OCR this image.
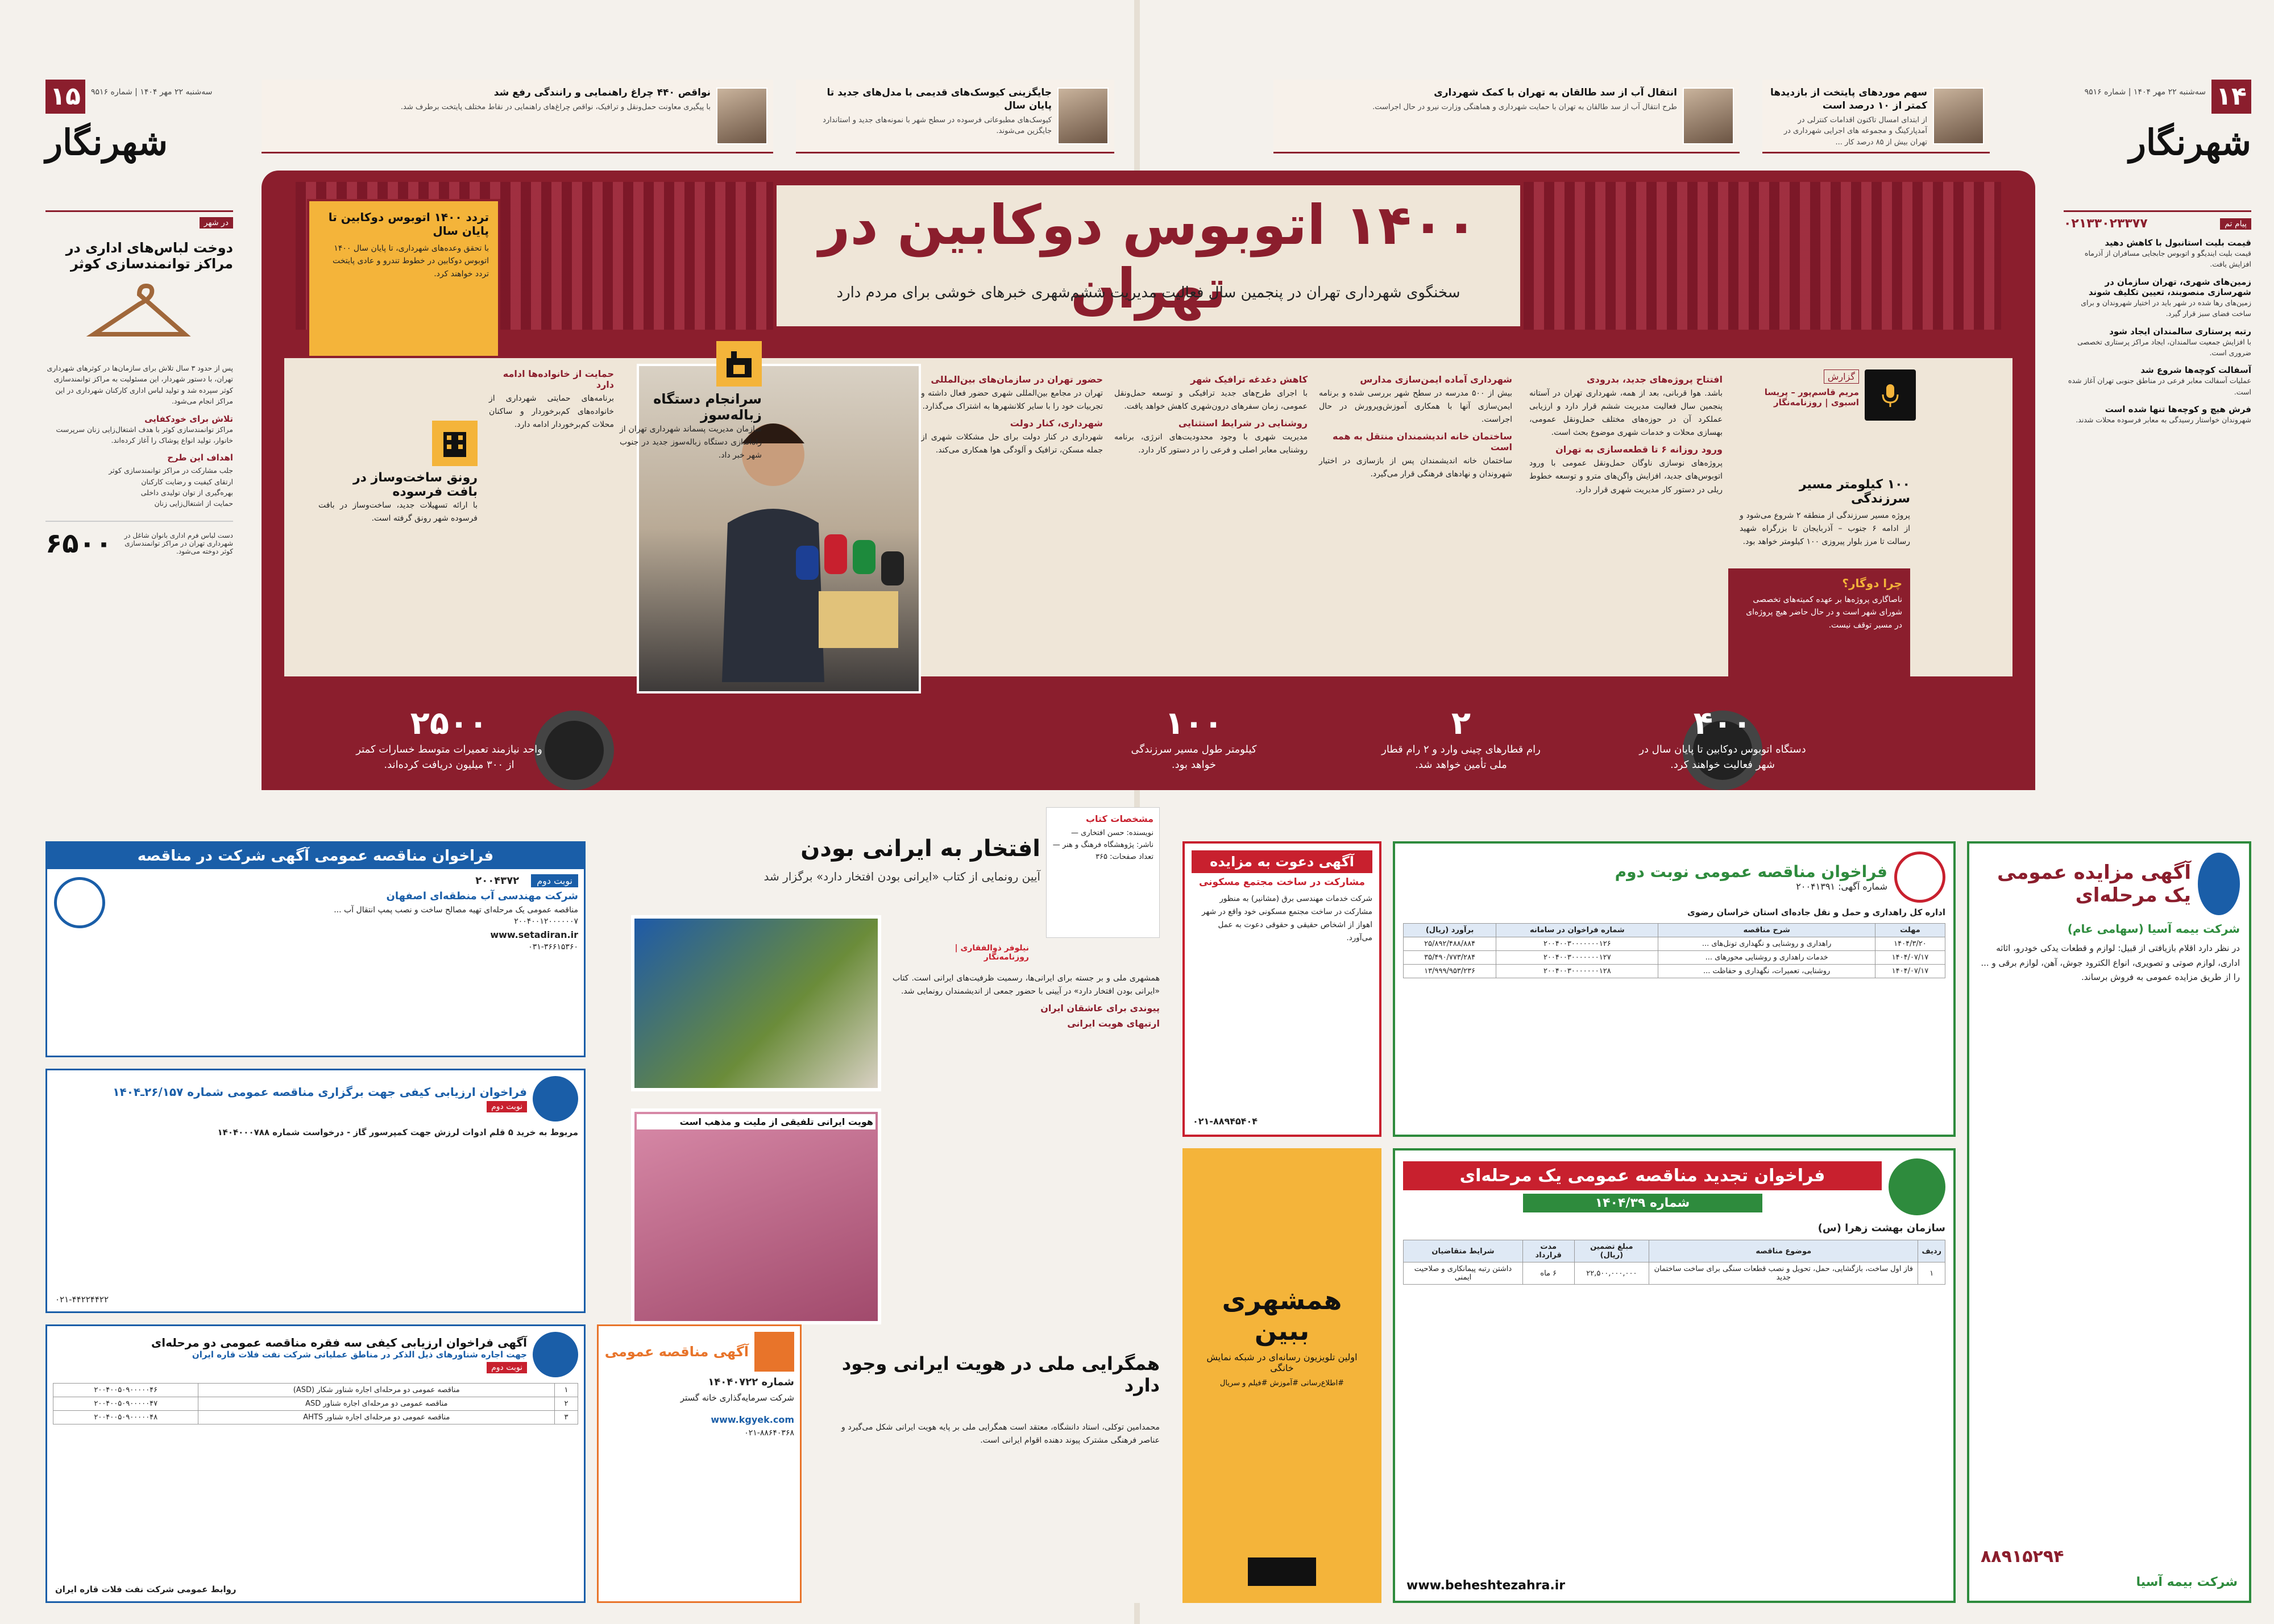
۱۴
سه‌شنبه ۲۲ مهر ۱۴۰۴ | شماره ۹۵۱۶
شهرنگار
۱۵	سه‌شنبه ۲۲ مهر ۱۴۰۴ | شماره ۹۵۱۶
شهرنگار
سهم موردهای پایتخت از بازدیدها کمتر از ۱۰ درصد است
از ابتدای امسال تاکنون اقدامات کنترلی در آمدپارکینگ و مجموعه های اجرایی شهرداری در تهران بیش از ۸۵ درصد کار ...
انتقال آب از سد طالقان به تهران با کمک شهرداری
طرح انتقال آب از سد طالقان به تهران با حمایت شهرداری و هماهنگی وزارت نیرو در حال اجراست.
جایگزینی کیوسک‌های قدیمی با مدل‌های جدید تا پایان سال
کیوسک‌های مطبوعاتی فرسوده در سطح شهر با نمونه‌های جدید و استاندارد جایگزین می‌شوند.
نواقص ۴۴۰ چراغ راهنمایی و رانندگی رفع شد
با پیگیری معاونت حمل‌ونقل و ترافیک، نواقص چراغ‌های راهنمایی در نقاط مختلف پایتخت برطرف شد.
پیام‌ تم
۰۲۱۳۳۰۲۳۳۷۷
قیمت بلیت استانبول با کاهش دهید
قیمت بلیت ایندیگو و اتوبوس جابجایی مسافران از آذرماه افزایش یافت.
زمین‌های شهری، تهران سازمان در شهرسازی منصوبند، تعیین تکلیف شوند
زمین‌های رها شده در شهر باید در اختیار شهروندان و برای ساخت فضای سبز قرار گیرد.
رتبه پرستاری سالمندان ایجاد شود
با افزایش جمعیت سالمندان، ایجاد مراکز پرستاری تخصصی ضروری است.
آسفالت کوچه‌ها شروع شد
عملیات آسفالت معابر فرعی در مناطق جنوبی تهران آغاز شده است.
فرش هیچ و کوچه‌ها تنها شده است
شهروندان خواستار رسیدگی به معابر فرسوده محلات شدند.
در شهر
دوخت لباس‌های اداری در مراکز توانمندسازی کوثر
پس از حدود ۳ سال تلاش برای سازمان‌ها در کوثرهای شهرداری تهران، با دستور شهردار، این مسئولیت به مراکز توانمندسازی کوثر سپرده شد و تولید لباس اداری کارکنان شهرداری در این مراکز انجام می‌شود.
تلاش برای خودکفایی
مراکز توانمندسازی کوثر با هدف اشتغال‌زایی زنان سرپرست خانوار، تولید انواع پوشاک را آغاز کرده‌اند.
اهداف این طرح
جلب مشارکت در مراکز توانمندسازی کوثر
ارتقای کیفیت و رضایت کارکنان
بهره‌گیری از توان تولیدی داخلی
حمایت از اشتغال‌زایی زنان
دست لباس فرم اداری بانوان شاغل در شهرداری تهران در مراکز توانمندسازی کوثر دوخته می‌شود.
۶۵۰۰
۱۴۰۰ اتوبوس دوکابین در تهران
سخنگوی شهرداری تهران در پنجمین سال فعالیت مدیریت ششم‌شهری خبرهای خوشی برای مردم دارد
گزارش
مریم قاسم‌پور – پریسا اسبوی | روزنامه‌نگار
۱۰۰ کیلومتر مسیر سرزندگی
پروژه مسیر سرزندگی از منطقه ۲ شروع می‌شود و از ادامه ۶ جنوب – آذربایجان تا بزرگراه شهید رسالت تا مرز بلوار پیروزی ۱۰۰ کیلومتر خواهد بود.
افتتاح پروژه‌های جدید، بدرودی
باشد. هوا قربانی، بعد از همه، شهرداری تهران در آستانه پنجمین سال فعالیت مدیریت ششم قرار دارد و ارزیابی عملکرد آن در حوزه‌های مختلف حمل‌ونقل عمومی، بهسازی محلات و خدمات شهری موضوع بحث است.
ورود روزانه ۶ تا قطعه‌سازی به تهران
پروژه‌های نوسازی ناوگان حمل‌ونقل عمومی با ورود اتوبوس‌های جدید، افزایش واگن‌های مترو و توسعه خطوط ریلی در دستور کار مدیریت شهری قرار دارد.
شهرداری آماده ایمن‌سازی مدارس
بیش از ۵۰۰ مدرسه در سطح شهر بررسی شده و برنامه ایمن‌سازی آنها با همکاری آموزش‌وپرورش در حال اجراست.
ساختمان خانه اندیشمندان منتقل به همه است
ساختمان خانه اندیشمندان پس از بازسازی در اختیار شهروندان و نهادهای فرهنگی قرار می‌گیرد.
کاهش دغدغه ترافیک شهر
با اجرای طرح‌های جدید ترافیکی و توسعه حمل‌ونقل عمومی، زمان سفرهای درون‌شهری کاهش خواهد یافت.
روشنایی در شرایط استثنایی
مدیریت شهری با وجود محدودیت‌های انرژی، برنامه روشنایی معابر اصلی و فرعی را در دستور کار دارد.
حضور تهران در سازمان‌های بین‌المللی
تهران در مجامع بین‌المللی شهری حضور فعال داشته و تجربیات خود را با سایر کلانشهرها به اشتراک می‌گذارد.
شهرداری، کنار دولت
شهرداری در کنار دولت برای حل مشکلات شهری از جمله مسکن، ترافیک و آلودگی هوا همکاری می‌کند.
سرانجام دستگاه زباله‌سوز
سازمان مدیریت پسماند شهرداری تهران از راه‌اندازی دستگاه زباله‌سوز جدید در جنوب شهر خبر داد.
رونق ساخت‌وساز در بافت فرسوده
با ارائه تسهیلات جدید، ساخت‌وساز در بافت فرسوده شهر رونق گرفته است.
حمایت از خانواده‌ها ادامه دارد
برنامه‌های حمایتی شهرداری از خانواده‌های کم‌برخوردار و ساکنان محلات کم‌برخوردار ادامه دارد.
تردد ۱۴۰۰ اتوبوس دوکابین تا پایان سال
با تحقق وعده‌های شهرداری، تا پایان سال ۱۴۰۰ اتوبوس دوکابین در خطوط تندرو و عادی پایتخت تردد خواهند کرد.
چرا دوگار؟
ناصاگاری پروژه‌ها بر عهده کمیته‌های تخصصی شورای شهر است و در حال حاضر هیچ پروژه‌ای در مسیر توقف نیست.
۴۰۰
دستگاه اتوبوس دوکابین تا پایان سال در شهر فعالیت خواهند کرد.
۲
رام قطارهای چینی وارد و ۲ رام قطار ملی تأمین خواهد شد.
۱۰۰
کیلومتر طول مسیر سرزندگی خواهد بود.
۲۵۰۰
واحد نیازمند تعمیرات متوسط خسارات کمتر از ۳۰۰ میلیون دریافت کرده‌اند.
آگهی مزایده عمومی یک مرحله‌ای
شرکت بیمه آسیا (سهامی عام)
در نظر دارد اقلام بازیافتی از قبیل: لوازم و قطعات یدکی خودرو، اثاثه اداری، لوازم صوتی و تصویری، انواع الکترود جوش، آهن، لوازم برقی و ... را از طریق مزایده عمومی به فروش برساند.
۸۸۹۱۵۲۹۴
شرکت بیمه آسیا
فراخوان مناقصه عمومی نوبت دوم
شماره آگهی: ۲۰۰۴۱۳۹۱
اداره کل راهداری و حمل و نقل جاده‌ای استان خراسان رضوی
مهلت	شرح مناقصه	شماره فراخوان در سامانه	برآورد (ریال)
۱۴۰۴/۳/۲۰	راهداری و روشنایی و نگهداری تونل‌های ...	۲۰۰۴۰۰۳۰۰۰۰۰۰۰۱۲۶	۲۵/۸۹۲/۴۸۸/۸۸۴
۱۴۰۴/۰۷/۱۷	خدمات راهداری و روشنایی محورهای ...	۲۰۰۴۰۰۳۰۰۰۰۰۰۰۱۲۷	۳۵/۴۹۰/۷۷۳/۲۸۴
۱۴۰۴/۰۷/۱۷	روشنایی، تعمیرات، نگهداری و حفاظت ...	۲۰۰۴۰۰۳۰۰۰۰۰۰۰۱۲۸	۱۳/۹۹۹/۹۵۳/۲۳۶
آگهی دعوت به مزایده
مشارکت در ساخت مجتمع مسکونی
شرکت خدمات مهندسی برق (مشانیر) به منظور مشارکت در ساخت مجتمع مسکونی خود واقع در شهر اهواز از اشخاص حقیقی و حقوقی دعوت به عمل می‌آورد.
۰۲۱-۸۸۹۴۵۴۰۴
فراخوان تجدید مناقصه عمومی یک مرحله‌ای
شماره ۱۴۰۴/۳۹
سازمان بهشت زهرا (س)
ردیف	موضوع مناقصه	مبلغ تضمین (ریال)	مدت قرارداد	شرایط متقاضیان
۱	فاز اول ساخت، بازگشایی، حمل، تحویل و نصب قطعات سنگی برای ساخت ساختمان جدید	۲۲,۵۰۰,۰۰۰,۰۰۰	۶ ماه	داشتن رتبه پیمانکاری و صلاحیت ایمنی
www.beheshtezahra.ir
همشهری ببین
اولین تلویزیون رسانه‌ای در شبکه نمایش خانگی
#اطلاع‌رسانی #آموزش #فیلم و سریال
افتخار به ایرانی بودن
آیین رونمایی از کتاب «ایرانی بودن افتخار دارد» برگزار شد
مشخصات کتاب
نویسنده: حسن افتخاری — ناشر: پژوهشگاه فرهنگ و هنر — تعداد صفحات: ۳۶۵
هویت ایرانی تلفیقی از ملیت و مذهب است
نیلوفر ذوالفقاری | روزنامه‌نگار
همشهری ملی و بر جسته برای ایرانی‌ها، رسمیت ظرفیت‌های ایرانی است. کتاب «ایرانی بودن افتخار دارد» در آیینی با حضور جمعی از اندیشمندان رونمایی شد.
پیوندی برای عاشقان ایران
ارتبهای هویت ایرانی
همگرایی ملی در هویت ایرانی وجود دارد
محمدامین توکلی، استاد دانشگاه، معتقد است همگرایی ملی بر پایه هویت ایرانی شکل می‌گیرد و عناصر فرهنگی مشترک پیوند دهنده اقوام ایرانی است.
فراخوان مناقصه عمومی آگهی شرکت در مناقصه
نوبت دوم ۲۰۰۴۳۷۲
شرکت مهندسی آب منطقه‌ای اصفهان
مناقصه عمومی یک مرحله‌ای تهیه مصالح ساخت و نصب پمپ انتقال آب ...
۲۰۰۴۰۰۱۲۰۰۰۰۰۰۷
www.setadiran.ir
۰۳۱-۳۶۶۱۵۳۶۰
فراخوان ارزیابی کیفی جهت برگزاری مناقصه عمومی شماره ۲۶/۱۵۷ـ۱۴۰۴
نوبت دوم
مربوط به خرید ۵ قلم ادوات لرزش جهت کمپرسور گاز - درخواست شماره ۱۴۰۴۰۰۰۷۸۸
۰۲۱-۴۴۲۲۴۴۲۲
آگهی فراخوان ارزیابی کیفی سه فقره مناقصه عمومی دو مرحله‌ای
جهت اجاره شناورهای ذیل الذکر در مناطق عملیاتی شرکت نفت فلات قاره ایران
نوبت دوم
۱	مناقصه عمومی دو مرحله‌ای اجاره شناور شکار (ASD)	۲۰۰۴۰۰۵۰۹۰۰۰۰۰۴۶
۲	مناقصه عمومی دو مرحله‌ای اجاره شناور ASD	۲۰۰۴۰۰۵۰۹۰۰۰۰۰۴۷
۳	مناقصه عمومی دو مرحله‌ای اجاره شناور AHTS	۲۰۰۴۰۰۵۰۹۰۰۰۰۰۴۸
روابط عمومی شرکت نفت فلات قاره ایران
آگهی مناقصه عمومی
شماره ۱۴۰۴۰۷۲۲
شرکت سرمایه‌گذاری خانه گستر
www.kgyek.com
۰۲۱-۸۸۶۴۰۳۶۸
